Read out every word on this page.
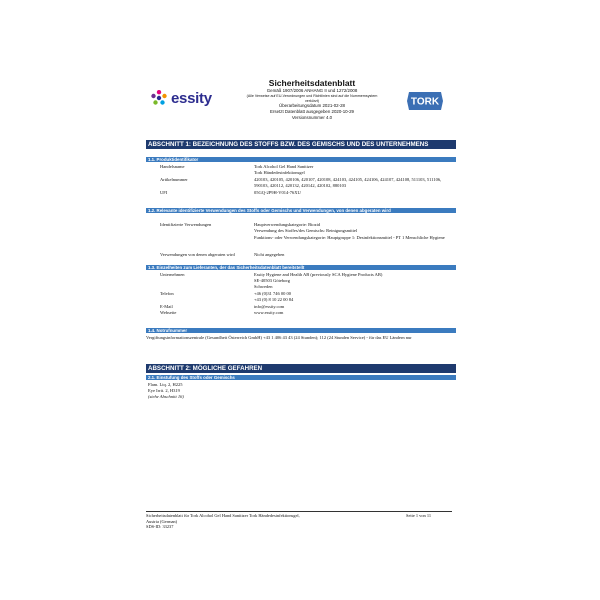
essity
Sicherheitsdatenblatt
Gemäß 1907/2006 ANHANG II und 1272/2008
(Alle Verweise auf EU-Verordnungen und Richtlinien sind auf die Nummernsystem
verkürzt)
Überarbeitungsdatum 2021-02-28
Ersetzt Datenblatt ausgegeben 2020-10-29
Versionsnummer 4.0
TORK
ABSCHNITT 1: BEZEICHNUNG DES STOFFS BZW. DES GEMISCHS UND DES UNTERNEHMENS
1.1. Produktidentifikator
Handelsname	Tork Alcohol Gel Hand Sanitizer
Tork Händedesinfektionsgel
Artikelnummer	420103, 420105, 420106, 420107, 420108, 424103, 424105, 424106, 424107, 424108, 511103, 511106, 590103, 420112, 420132, 420142, 420102, 880103
UFI	05GQ-2P9H-V014-76XU
1.2. Relevante identifizierte Verwendungen des Stoffs oder Gemischs und Verwendungen, von denen abgeraten wird
Identifizierte Verwendungen	Hauptverwendungskategorie: Biozid
Verwendung des Stoffes/des Gemischs: Reinigungsmittel
Funktions- oder Verwendungskategorie: Hauptgruppe 1: Desinfektionsmittel - PT 1 Menschliche Hygiene
Verwendungen von denen abgeraten wird	Nicht angegeben
1.3. Einzelheiten zum Lieferanten, der das Sicherheitsdatenblatt bereitstellt
Unternehmen	Essity Hygiene and Health AB (previously SCA Hygiene Products AB)
SE-40503 Göteborg
Schweden
Telefon	+46 (0)31 746 00 00
+43 (0) 8 10 22 00 84
E-Mail	info@essity.com
Webseite	www.essity.com
1.4. Notrufnummer
Vergiftungsinformationszentrale (Gesundheit Österreich GmbH) +43 1 406 43 43 (24 Stunden); 112 (24 Stunden Service) - für das EU Ländern nur
ABSCHNITT 2: MÖGLICHE GEFAHREN
2.1. Einstufung des Stoffs oder Gemischs
Flam. Liq. 2, H225
Eye Irrit. 2, H319
(siehe Abschnitt 16)
Sicherheitsdatenblatt für Tork Alcohol Gel Hand Sanitizer Tork Händedesinfektionsgel,
Austria (German)
SDS-ID: 33237
Seite 1 von 11
